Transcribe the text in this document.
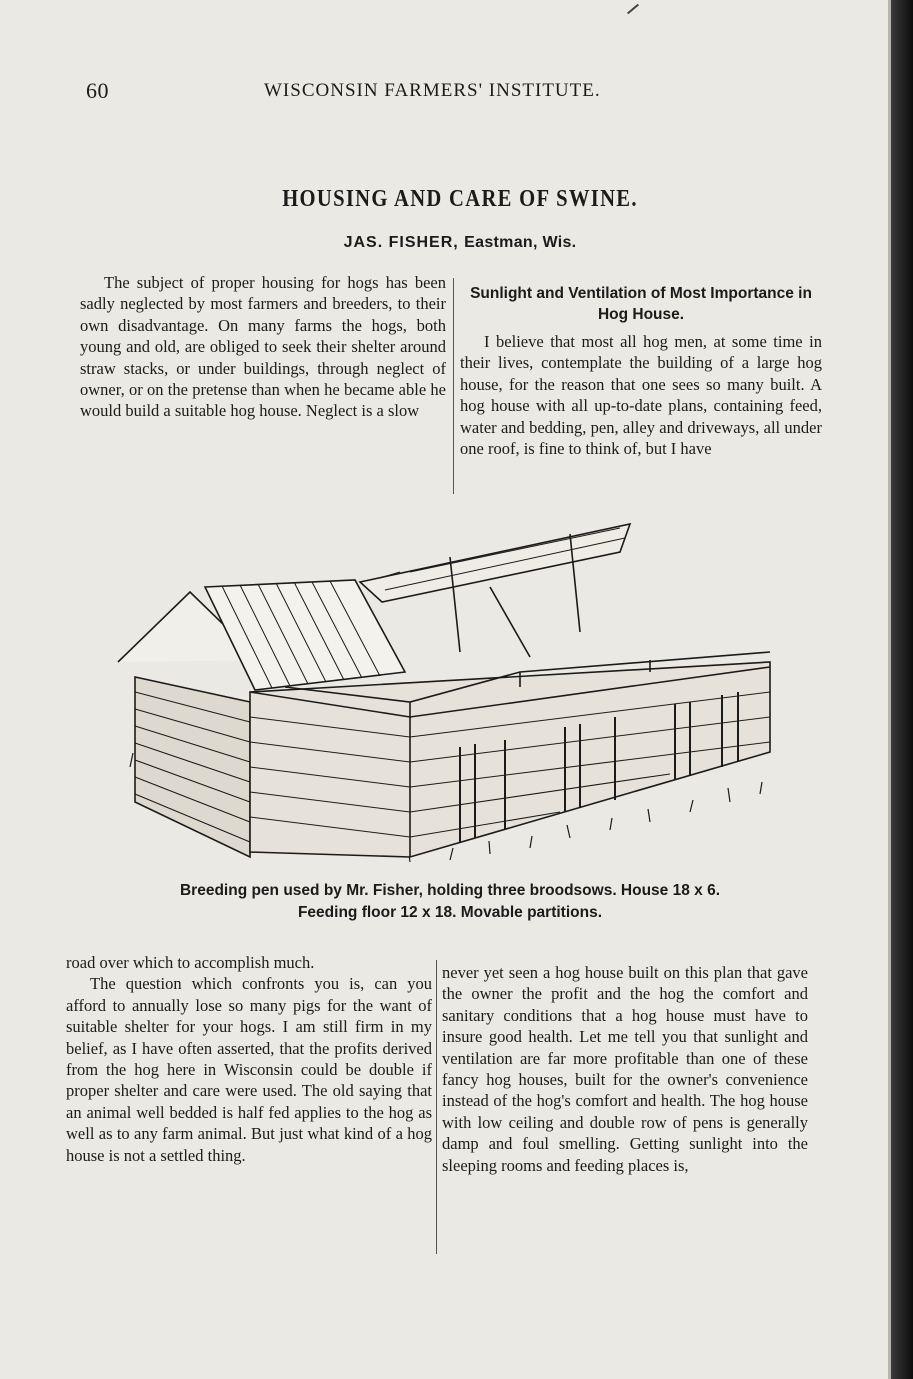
60	WISCONSIN FARMERS' INSTITUTE.
HOUSING AND CARE OF SWINE.
JAS. FISHER, Eastman, Wis.

The subject of proper housing for hogs has been sadly neglected by most farmers and breeders, to their own disadvantage. On many farms the hogs, both young and old, are obliged to seek their shelter around straw stacks, or under buildings, through neglect of owner, or on the pretense than when he became able he would build a suitable hog house. Neglect is a slow

Sunlight and Ventilation of Most Importance in Hog House.

I believe that most all hog men, at some time in their lives, contemplate the building of a large hog house, for the reason that one sees so many built. A hog house with all up-to-date plans, containing feed, water and bedding, pen, alley and driveways, all under one roof, is fine to think of, but I have

Breeding pen used by Mr. Fisher, holding three broodsows. House 18 x 6.
Feeding floor 12 x 18. Movable partitions.

road over which to accomplish much.

The question which confronts you is, can you afford to annually lose so many pigs for the want of suitable shelter for your hogs. I am still firm in my belief, as I have often asserted, that the profits derived from the hog here in Wisconsin could be double if proper shelter and care were used. The old saying that an animal well bedded is half fed applies to the hog as well as to any farm animal. But just what kind of a hog house is not a settled thing.

never yet seen a hog house built on this plan that gave the owner the profit and the hog the comfort and sanitary conditions that a hog house must have to insure good health. Let me tell you that sunlight and ventilation are far more profitable than one of these fancy hog houses, built for the owner's convenience instead of the hog's comfort and health. The hog house with low ceiling and double row of pens is generally damp and foul smelling. Getting sunlight into the sleeping rooms and feeding places is,
